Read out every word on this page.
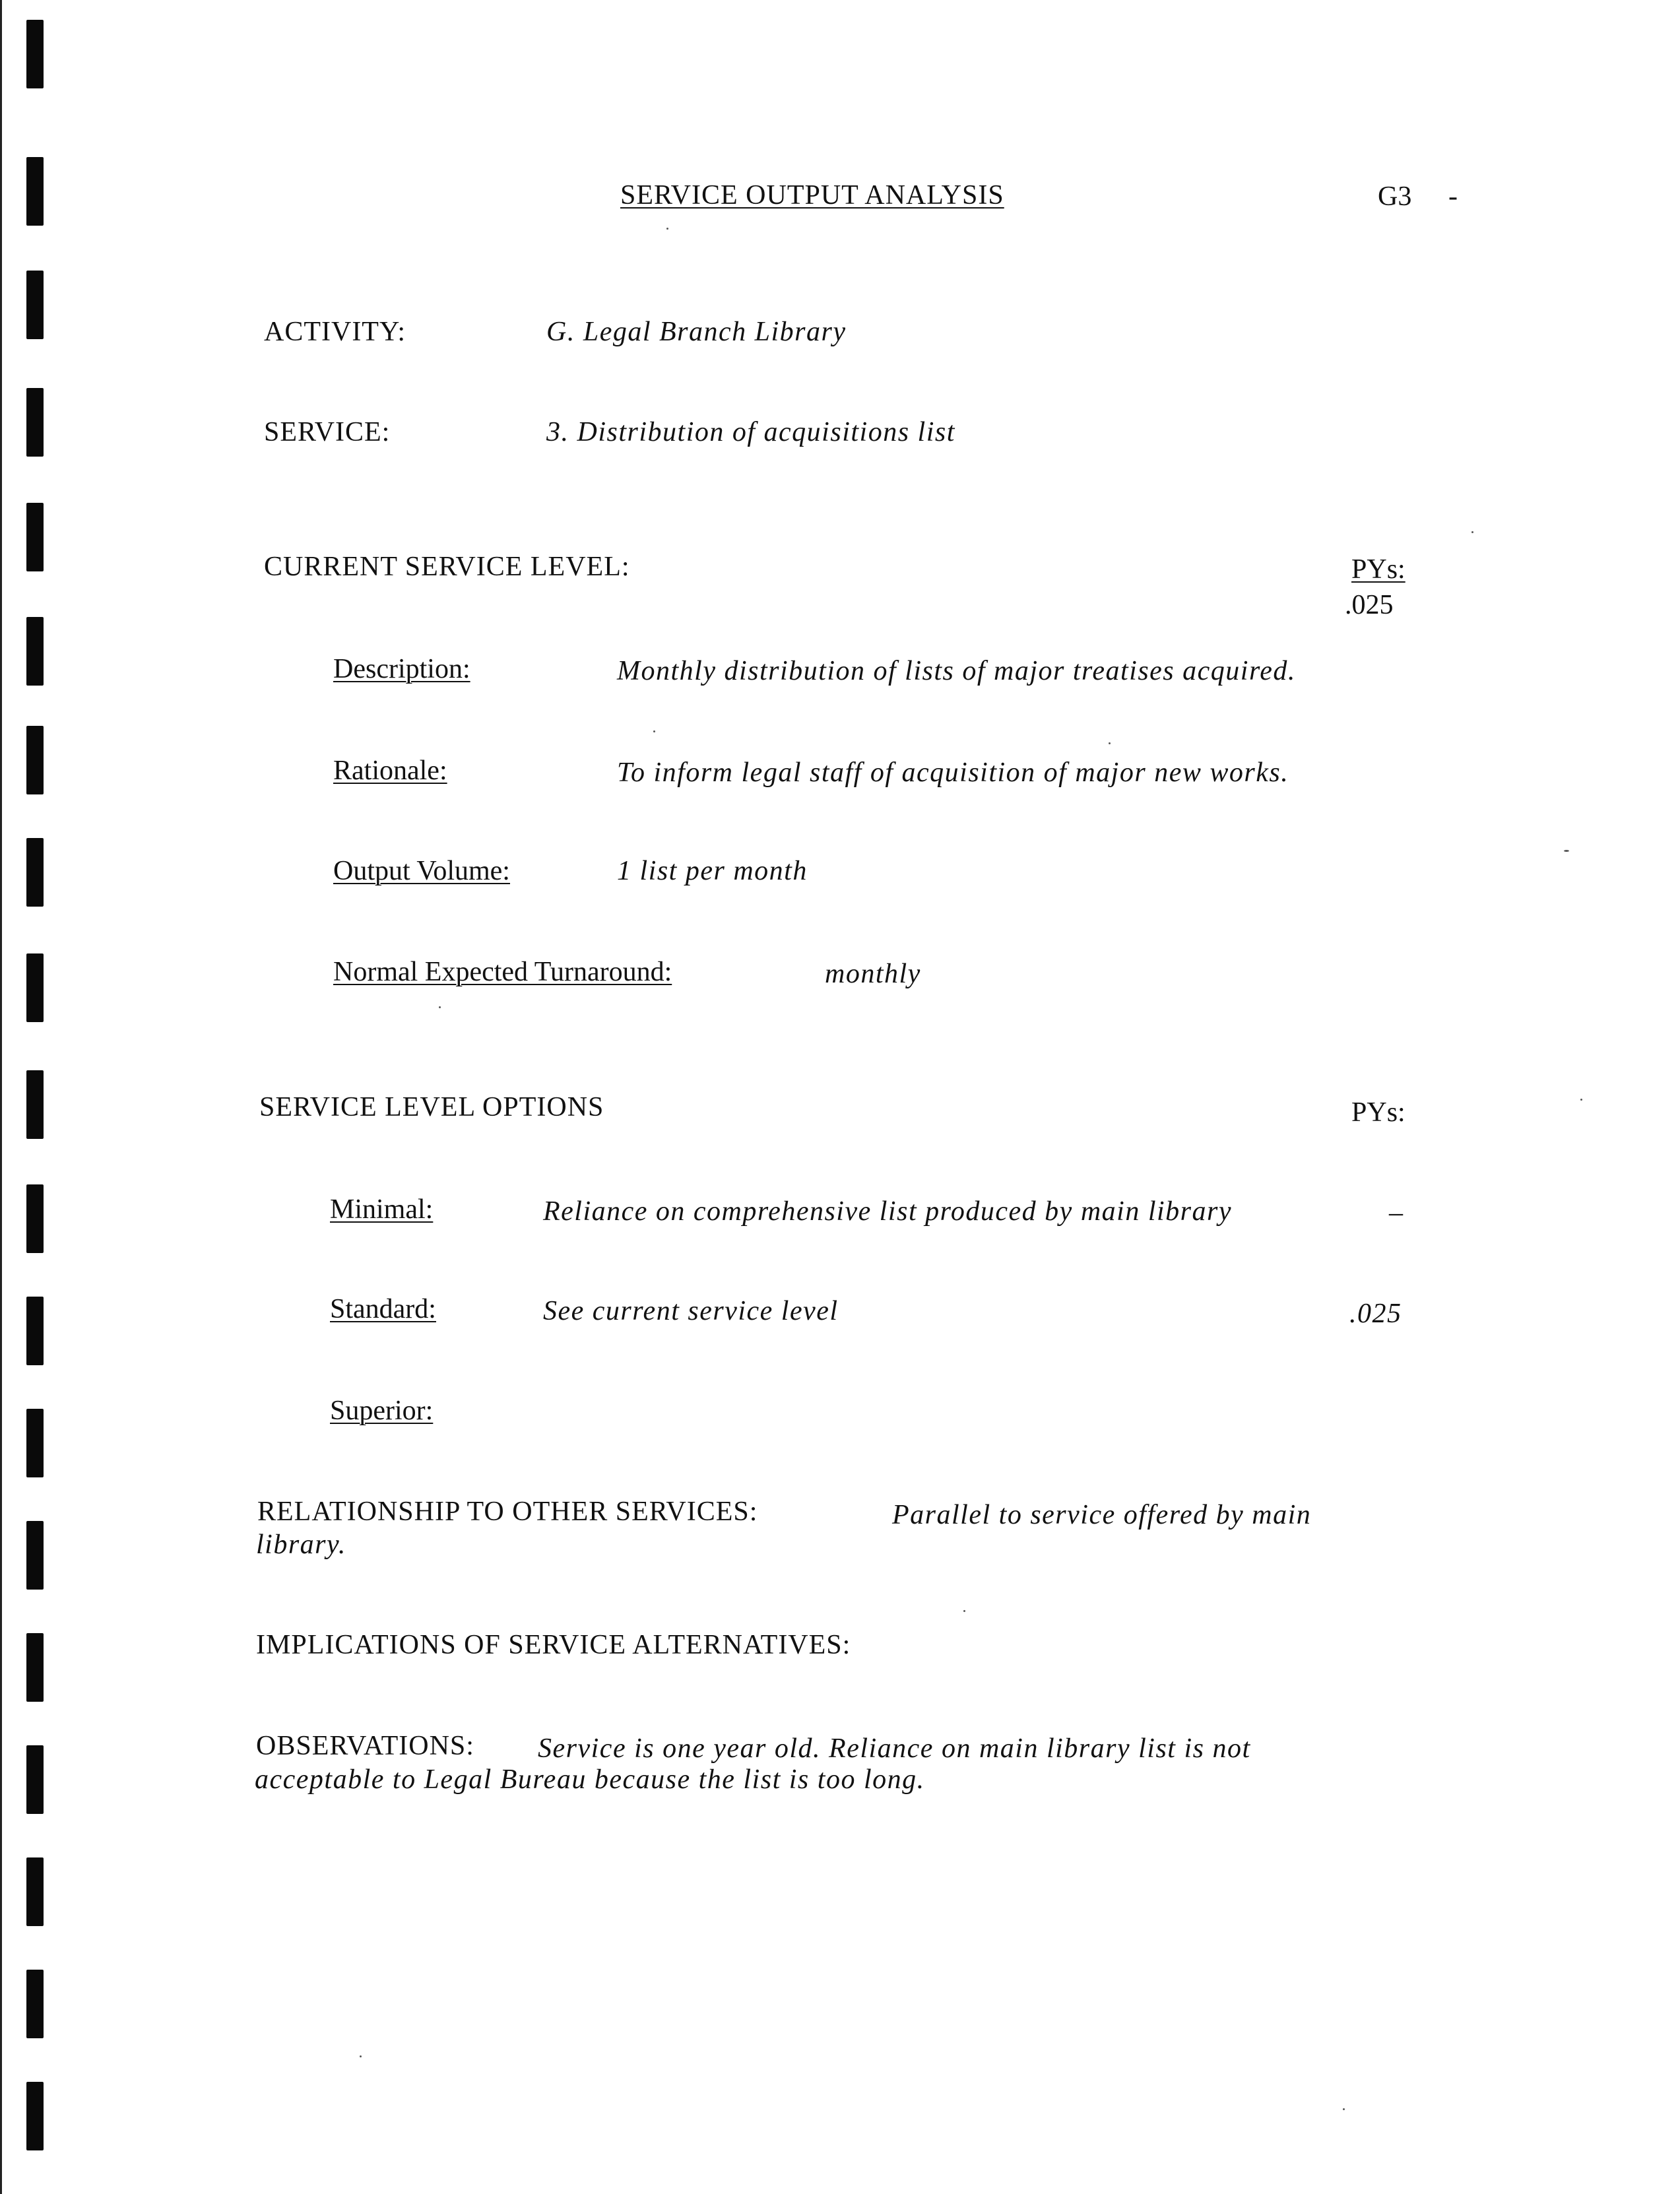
SERVICE OUTPUT ANALYSIS	G3 -
ACTIVITY:	G. Legal Branch Library
SERVICE:	3. Distribution of acquisitions list
CURREN​T SERVICE LEVEL:	PYs:
.025
Description:	Monthly distribution of lists of major treatises acquired.
Rationale:	To inform legal staff of acquisition of major new works.
Output Volume:	1 list per month
Normal Expected Turnaround:	monthly
SERVICE LEVEL OPTIONS	PYs:
Minimal:	Reliance on comprehensive list produced by main library	–
Standard:	See current service level	.025
Superior:
RELATIONSHIP TO OTHER SERVICES:	Parallel to service offered by main
library.
IMPLICATIONS OF SERVICE ALTERNATIVES:
OBSERVATIONS: Service is one year old. Reliance on main library list is not
acceptable to Legal Bureau because the list is too long.
